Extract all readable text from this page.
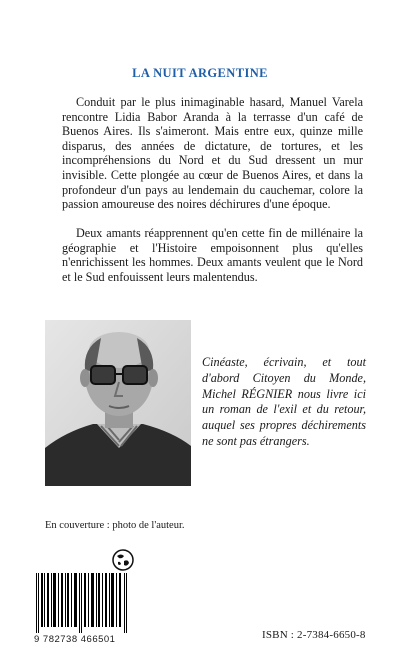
LA NUIT ARGENTINE

Conduit par le plus inimaginable hasard, Manuel Varela rencontre Lidia Babor Aranda à la terrasse d'un café de Buenos Aires. Ils s'aimeront. Mais entre eux, quinze mille disparus, des années de dictature, de tortures, et les incompréhensions du Nord et du Sud dressent un mur invisible. Cette plongée au cœur de Buenos Aires, et dans la profondeur d'un pays au lendemain du cauchemar, colore la passion amoureuse des noires déchirures d'une époque.

Deux amants réapprennent qu'en cette fin de millénaire la géographie et l'Histoire empoisonnent plus qu'elles n'enrichissent les hommes. Deux amants veulent que le Nord et le Sud enfouissent leurs malentendus.

Cinéaste, écrivain, et tout d'abord Citoyen du Monde, Michel RÉGNIER nous livre ici un roman de l'exil et du retour, auquel ses propres déchirements ne sont pas étrangers.

En couverture : photo de l'auteur.
9 782738 466501	ISBN : 2-7384-6650-8
